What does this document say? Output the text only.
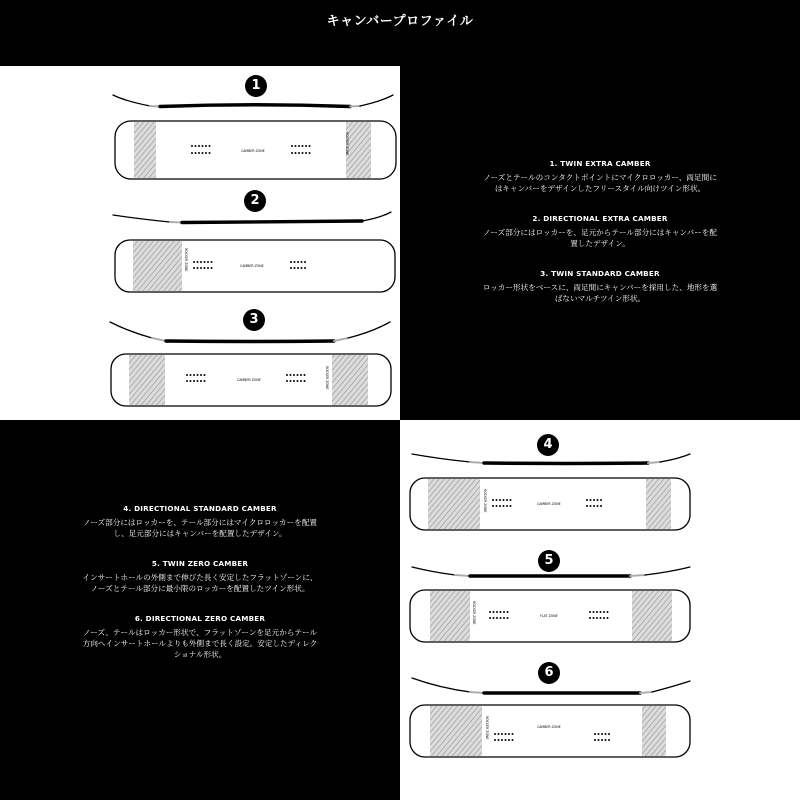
キャンバープロファイル
1. TWIN EXTRA CAMBER
ノーズとテールのコンタクトポイントにマイクロロッカー、両足間に
はキャンバーをデザインしたフリースタイル向けツイン形状。
2. DIRECTIONAL EXTRA CAMBER
ノーズ部分にはロッカーを、足元からテール部分にはキャンバーを配
置したデザイン。
3. TWIN STANDARD CAMBER
ロッカー形状をベースに、両足間にキャンバーを採用した、地形を選
ばないマルチツイン形状。
4. DIRECTIONAL STANDARD CAMBER
ノーズ部分にはロッカーを、テール部分にはマイクロロッカーを配置
し、足元部分にはキャンバーを配置したデザイン。
5. TWIN ZERO CAMBER
インサートホールの外側まで伸びた長く安定したフラットゾーンに、
ノーズとテール部分に最小限のロッカーを配置したツイン形状。
6. DIRECTIONAL ZERO CAMBER
ノーズ、テールはロッカー形状で、フラットゾーンを足元からテール
方向へインサートホールよりも外側まで長く設定。安定したディレク
ショナル形状。
1
2
3
4
5
6
ROCKER ZONE
CAMBER ZONE
ROCKER ZONE	CAMBER ZONE
ROCKER ZONE
CAMBER ZONE
ROCKER ZONE	CAMBER ZONE
ROCKER ZONE	FLAT ZONE
ROCKER ZONE	CAMBER ZONE
